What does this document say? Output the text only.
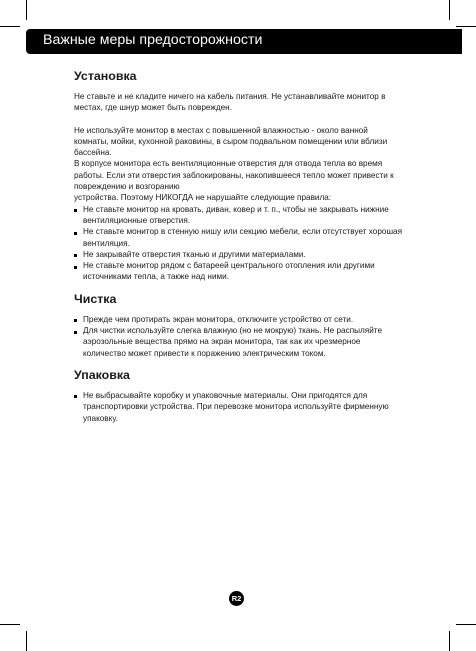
Важные меры предосторожности
Установка

Не ставьте и не кладите ничего на кабель питания. Не устанавливайте монитор в местах, где шнур может быть поврежден.

Не используйте монитор в местах с повышенной влажностью - около ванной комнаты, мойки, кухонной раковины, в сыром подвальном помещении или вблизи бассейна.

В корпусе монитора есть вентиляционные отверстия для отвода тепла во время работы. Если эти отверстия заблокированы, накопившееся тепло может привести к повреждению и возгоранию

устройства. Поэтому НИКОГДА не нарушайте следующие правила:

Не ставьте монитор на кровать, диван, ковер и т. п., чтобы не закрывать нижние вентиляционные отверстия.
Не ставьте монитор в стенную нишу или секцию мебели, если отсутствует хорошая вентиляция.
Не закрывайте отверстия тканью и другими материалами.
Не ставьте монитор рядом с батареей центрального отопления или другими источниками тепла, а также над ними.
Чистка
Прежде чем протирать экран монитора, отключите устройство от сети.
Для чистки используйте слегка влажную (но не мокрую) ткань. Не распыляйте аэрозольные вещества прямо на экран монитора, так как их чрезмерное количество может привести к поражению электрическим током.
Упаковка
Не выбрасывайте коробку и упаковочные материалы. Они пригодятся для транспортировки устройства. При перевозке монитора используйте фирменную упаковку.
R2
